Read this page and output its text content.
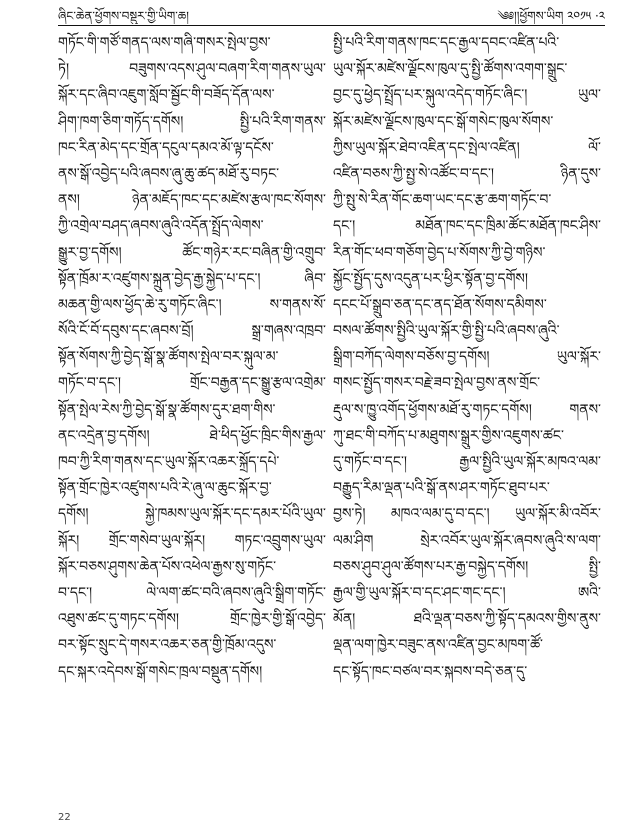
ཞིང་ཆེན་ཕྱོགས་བསྡུར་གྱི་ཡིག་ཆ།	༄༅།།ཕྱོགས་ཡིག ༢༠༡༥ ·༢
གཏོང་གི་གཙོ་གནད་ལས་གཞི་གསར་སྤེལ་བྱས་
ཏེ། བཟུགས་འདས་ཤུལ་བཞག་རིག་གནས་ཡུལ་
སྐོར་དང་ཞིབ་འཇུག་སློབ་སྦྱོང་གི་བཟོད་དོན་ལས་
ཤིག་ཁག་ཅིག་གཏོད་དགོས། སྤྱི་པའི་རིག་གནས་
ཁང་རིན་མེད་དང་གྲོན་དངུལ་དམའ་མོ་ལྟ་དངོས་
ནས་སྒོ་འབྱེད་པའི་ཞབས་ཞུ་ཆུ་ཚད་མཐོ་རུ་བཏང་
ནས། ཉེན་མཇོད་ཁང་དང་མཛེས་རྩལ་ཁང་སོགས་
ཀྱི་འགྲེལ་བཤད་ཞབས་ཞུའི་འདོན་སྤྲོད་ལེགས་
སྒྱུར་བྱ་དགོས། ཚོང་གཉེར་རང་བཞིན་གྱི་འགྲུབ་
སྟོན་ཁྲོམ་ར་འཛུགས་སྐྲུན་བྱེད་རྒྱ་སྐྱེད་པ་དང་། ཞིབ་
མཆན་གྱི་ལས་ཕྱོད་ཆེ་རུ་གཏོང་ཞིང་། ས་གནས་སོ་
སོའི་ངོ་བོ་དབུས་དང་ཞབས་བྲོ། སྒྲ་གཞས་འཁྲབ་
སྟོན་སོགས་ཀྱི་བྱེད་སྒོ་སྣ་ཚོགས་སྤེལ་བར་སྐུལ་མ་
གཏོང་བ་དང་། གྲོང་བརྒྱན་དང་སྒྱུ་རྩལ་འགྲེམ་
སྟོན་སྤེལ་རེས་ཀྱི་བྱེད་སྒོ་སྣ་ཚོགས་དུར་ཐག་གིས་
ནང་འདྲེན་བྱ་དགོས། ཐེ་ཕིད་ཕྱོང་ཁྲིང་གིས་རྒྱལ་
ཁབ་ཀྱི་རིག་གནས་དང་ཡུལ་སྐོར་འཆར་སྐྲོད་དཔེ་
སྟོན་གྲོང་ཁྱེར་འཛུགས་པའི་རེ་ཞུ་ལ་ཆུང་སྐོར་བྱ་
དགོས། སྐྱེ་ཁམས་ཡུལ་སྐོར་དང་དམར་པོའི་ཡུལ་
སྐོར། གྲོང་གསེབ་ཡུལ་སྐོར། གཏང་འབྲུགས་ཡུལ་
སྐོར་བཅས་ཤུགས་ཆེན་པོས་འཕེལ་རྒྱས་སུ་གཏོང་
བ་དང་། ལེ་ལག་ཚང་བའི་ཞབས་ཞུའི་སྒྲིག་གཏོང་
འཐུས་ཚང་དུ་གཏང་དགོས། གྲོང་ཁྱེར་གྱི་སྒོ་འབྱེད་
བར་སྟོང་སྲུང་དེ་གསར་འཆར་ཅན་གྱི་ཁྲོམ་འདུས་
དང་སྐར་འདེབས་སྒོ་གསེང་ཁྲལ་བསྡུན་དགོས།
སྤྱི་པའི་རིག་གནས་ཁང་དང་རྒྱལ་དབང་འཛིན་པའི་
ཡུལ་སྐོར་མཛེས་ལྗོངས་ཁུལ་དུ་སྤྱི་ཚོགས་འགག་སྒྲུང་
བྱང་དུ་ཕྱེད་སྤྲོད་པར་སྐུལ་འདེད་གཏོང་ཞིང་། ཡུལ་
སྐོར་མཛེས་ལྗོངས་ཁུལ་དང་སྒོ་གསེང་ཁུལ་སོགས་
ཀྱིས་ཡུལ་སྐོར་ཐེབ་འཇིན་དང་སྤེལ་འཛིན། ལོ་
འཛིན་བཅས་ཀྱི་སྤྱ་སེ་འཚོང་བ་དང་། ཉིན་དུས་
ཀྱི་སྤུ་སེ་རིན་གོང་ཆག་ཡང་དང་རྩ་ཆག་གཏོང་བ་
དང་། མཐོན་ཁང་དང་ཁྲིམ་ཚོང་མཐོན་ཁང་ཤིས་
རིན་གོང་ཕབ་གཅོག་བྱེད་པ་སོགས་ཀྱི་བྱེ་གཉིས་
སྐྱོང་སྤྱོད་དུས་འདུན་པར་ཕྱིར་སྟོན་བྱ་དགོས།
དངང་པོ་སྒྲུབ་ཅན་དང་ནད་ཐོན་སོགས་དམིགས་
བསལ་ཚོགས་སྤྱིའི་ཡུལ་སྐོར་གྱི་སྤྱི་པའི་ཞབས་ཞུའི་
སྒྲིག་བཀོད་ལེགས་བཅོས་བྱ་དགོས། ཡུལ་སྐོར་
གསང་སྤྱོད་གསར་བརྗེ་ཟབ་སྤེལ་བྱས་ནས་གྲོང་
རྡུལ་ས་ཁྱུ་འགོད་ཕྱོགས་མཐོ་རུ་གཏང་དགོས། གནས་
ཀུ་ཐང་གི་བཀོད་པ་མཐུགས་སྒྲུར་གྱིས་འཇུགས་ཚང་
དུ་གཏོང་བ་དང་། རྒྱལ་སྤྱིའི་ཡུལ་སྐོར་མཁའ་ལམ་
བརྒྱུད་རིམ་ལྡན་པའི་སྒོ་ནས་ཤར་གཏོང་ཐུབ་པར་
བྱས་ཏེ། མཁའ་ལམ་དུ་བ་དང་། ཡུལ་སྐོར་མི་འབོར་
ལམ་ཤིག སྲེར་འབོར་ཡུལ་སྐོར་ཞབས་ཞུའི་ས་ལག་
བཅས་ཤུབ་ཤུལ་ཚོགས་པར་རྒྱ་བསྐྱེད་དགོས། སྤྱི་
རྒྱལ་གྱི་ཡུལ་སྐོར་བ་དང་ཤང་གང་དང་། ཨའི་
མོན། ཐའི་ལྡན་བཅས་ཀྱི་སྟོད་དམའས་གྱིས་ནུས་
ལྡན་ལག་ཁྱེར་བཟུང་ནས་འཛིན་བྱང་མཁག་ཚོ་
དང་སྟོད་ཁང་བཙལ་བར་སྐབས་བདེ་ཅན་དུ་
22
